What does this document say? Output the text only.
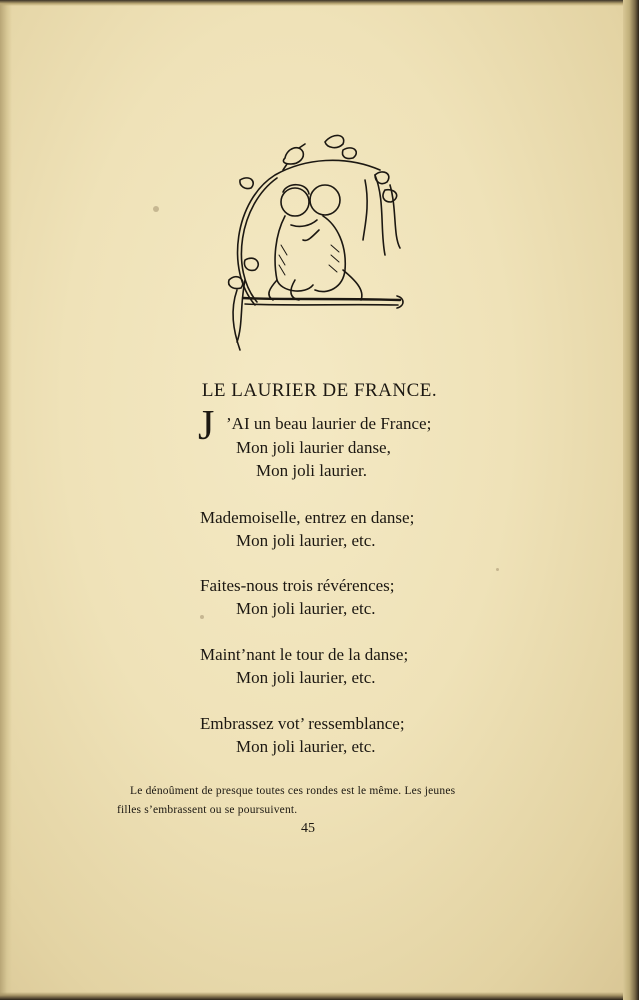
LE LAURIER DE FRANCE.
J ’AI un beau laurier de France;
Mon joli laurier danse,
Mon joli laurier.
Mademoiselle, entrez en danse;
Mon joli laurier, etc.
Faites-nous trois révérences;
Mon joli laurier, etc.
Maint’nant le tour de la danse;
Mon joli laurier, etc.
Embrassez vot’ ressemblance;
Mon joli laurier, etc.
Le dénoûment de presque toutes ces rondes est le même. Les jeunes
filles s’embrassent ou se poursuivent.
45
